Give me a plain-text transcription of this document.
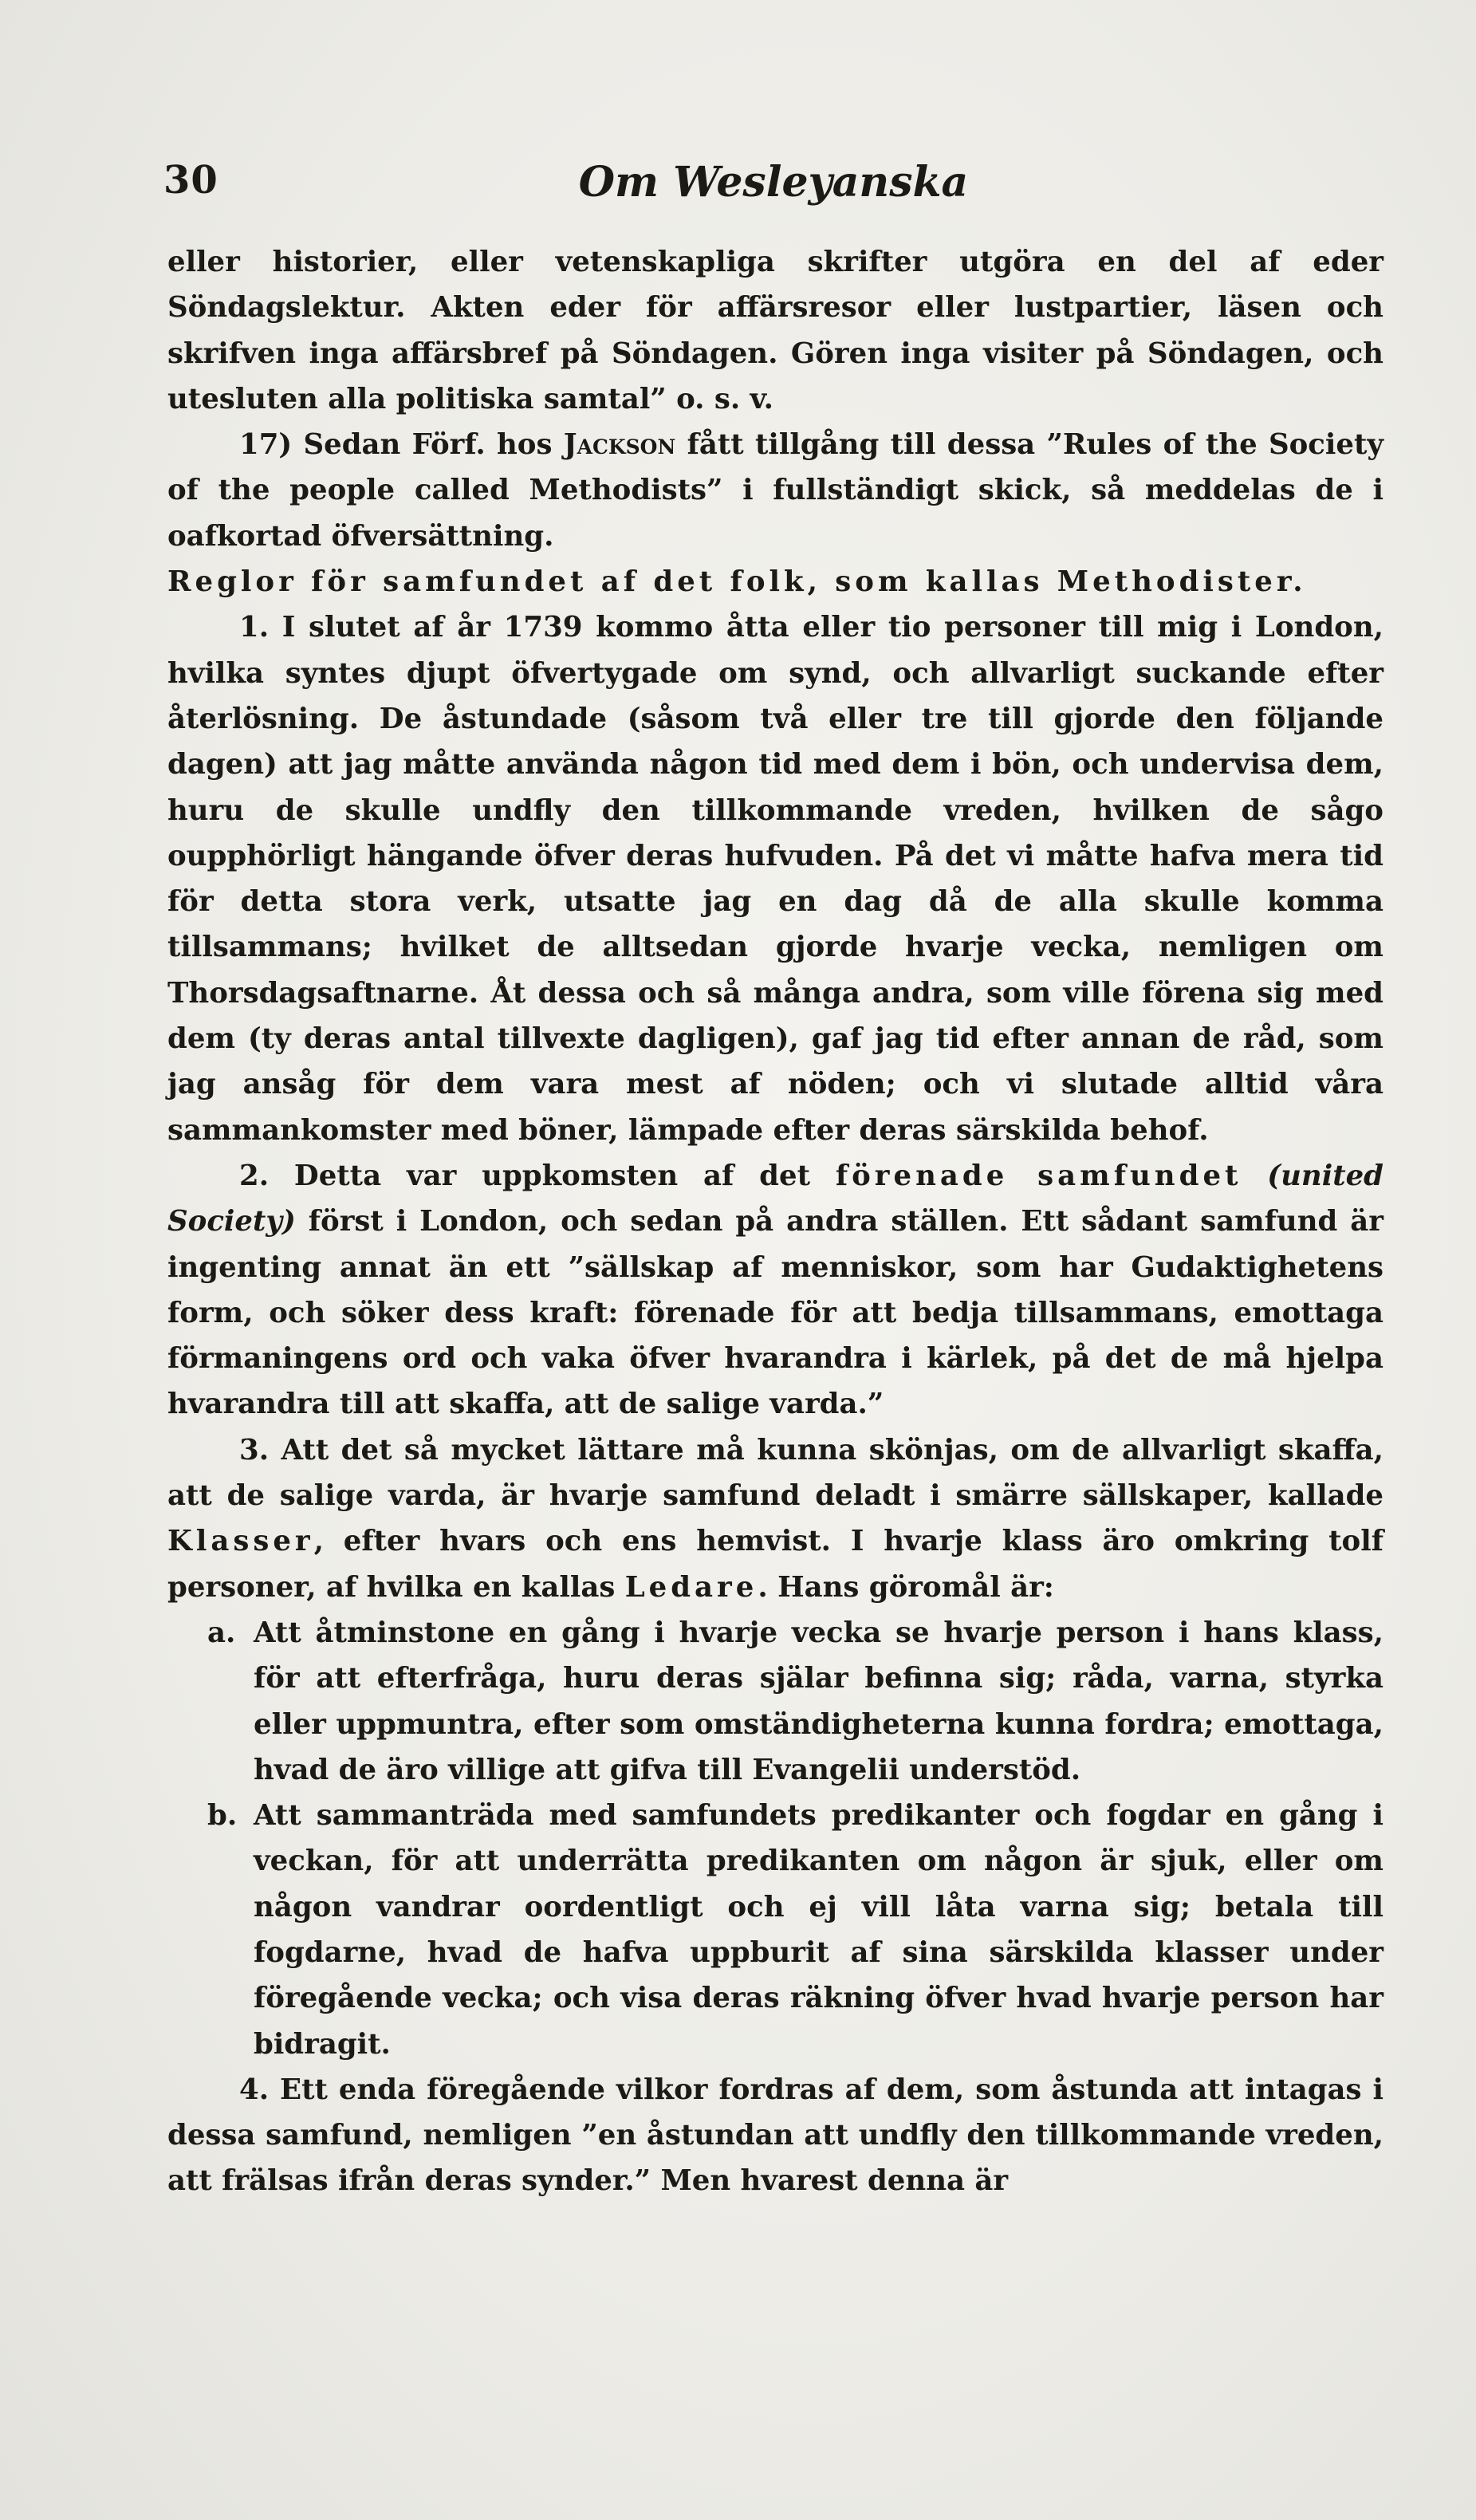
30	Om Wesleyanska

eller historier, eller vetenskapliga skrifter utgöra en del af eder Söndagslektur. Akten eder för affärsresor eller lustpartier, läsen och skrifven inga affärsbref på Söndagen. Gören inga visiter på Söndagen, och utesluten alla politiska samtal” o. s. v.

17) Sedan Förf. hos Jackson fått tillgång till dessa ”Rules of the Society of the people called Methodists” i fullständigt skick, så meddelas de i oafkortad öfversättning.

Reglor för samfundet af det folk, som kallas Methodister.

1. I slutet af år 1739 kommo åtta eller tio personer till mig i London, hvilka syntes djupt öfvertygade om synd, och allvarligt suckande efter återlösning. De åstundade (såsom två eller tre till gjorde den följande dagen) att jag måtte använda någon tid med dem i bön, och undervisa dem, huru de skulle undfly den tillkommande vreden, hvilken de sågo oupphörligt hängande öfver deras hufvuden. På det vi måtte hafva mera tid för detta stora verk, utsatte jag en dag då de alla skulle komma tillsammans; hvilket de alltsedan gjorde hvarje vecka, nemligen om Thorsdagsaftnarne. Åt dessa och så många andra, som ville förena sig med dem (ty deras antal tillvexte dagligen), gaf jag tid efter annan de råd, som jag ansåg för dem vara mest af nöden; och vi slutade alltid våra sammankomster med böner, lämpade efter deras särskilda behof.

2. Detta var uppkomsten af det förenade samfundet (united Society) först i London, och sedan på andra ställen. Ett sådant samfund är ingenting annat än ett ”sällskap af menniskor, som har Gudaktighetens form, och söker dess kraft: förenade för att bedja tillsammans, emottaga förmaningens ord och vaka öfver hvarandra i kärlek, på det de må hjelpa hvarandra till att skaffa, att de salige varda.”

3. Att det så mycket lättare må kunna skönjas, om de allvarligt skaffa, att de salige varda, är hvarje samfund deladt i smärre sällskaper, kallade Klasser, efter hvars och ens hemvist. I hvarje klass äro omkring tolf personer, af hvilka en kallas Ledare. Hans göromål är:

a. Att åtminstone en gång i hvarje vecka se hvarje person i hans klass, för att efterfråga, huru deras själar befinna sig; råda, varna, styrka eller uppmuntra, efter som omständigheterna kunna fordra; emottaga, hvad de äro villige att gifva till Evangelii understöd.
b. Att sammanträda med samfundets predikanter och fogdar en gång i veckan, för att underrätta predikanten om någon är sjuk, eller om någon vandrar oordentligt och ej vill låta varna sig; betala till fogdarne, hvad de hafva uppburit af sina särskilda klasser under föregående vecka; och visa deras räkning öfver hvad hvarje person har bidragit.

4. Ett enda föregående vilkor fordras af dem, som åstunda att intagas i dessa samfund, nemligen ”en åstundan att undfly den tillkommande vreden, att frälsas ifrån deras synder.” Men hvarest denna är
